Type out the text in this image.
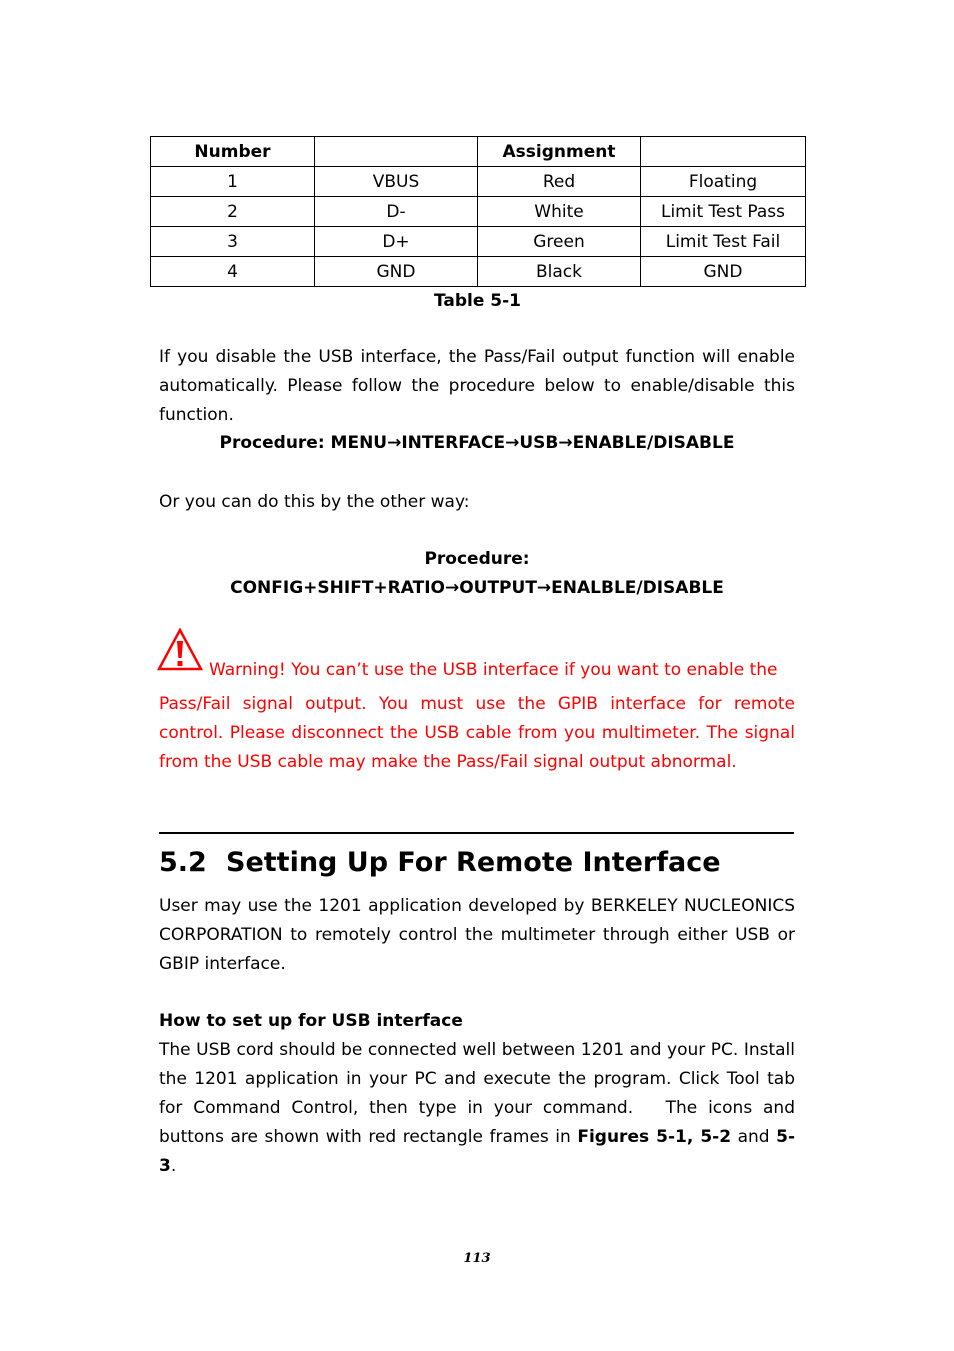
Number		Assignment	
1	VBUS	Red	Floating
2	D-	White	Limit Test Pass
3	D+	Green	Limit Test Fail
4	GND	Black	GND
Table 5-1
If you disable the USB interface, the Pass/Fail output function will enable automatically. Please follow the procedure below to enable/disable this function.
Procedure: MENU→INTERFACE→USB→ENABLE/DISABLE
Or you can do this by the other way:
Procedure:
CONFIG+SHIFT+RATIO→OUTPUT→ENALBLE/DISABLE
Warning! You can’t use the USB interface if you want to enable the
Pass/Fail signal output. You must use the GPIB interface for remote control. Please disconnect the USB cable from you multimeter. The signal from the USB cable may make the Pass/Fail signal output abnormal.
5.2 Setting Up For Remote Interface
User may use the 1201 application developed by BERKELEY NUCLEONICS CORPORATION to remotely control the multimeter through either USB or GBIP interface.
How to set up for USB interface
The USB cord should be connected well between 1201 and your PC. Install the 1201 application in your PC and execute the program. Click Tool tab for Command Control, then type in your command.   The icons and buttons are shown with red rectangle frames in Figures 5-1, 5-2 and 5-3.
113
